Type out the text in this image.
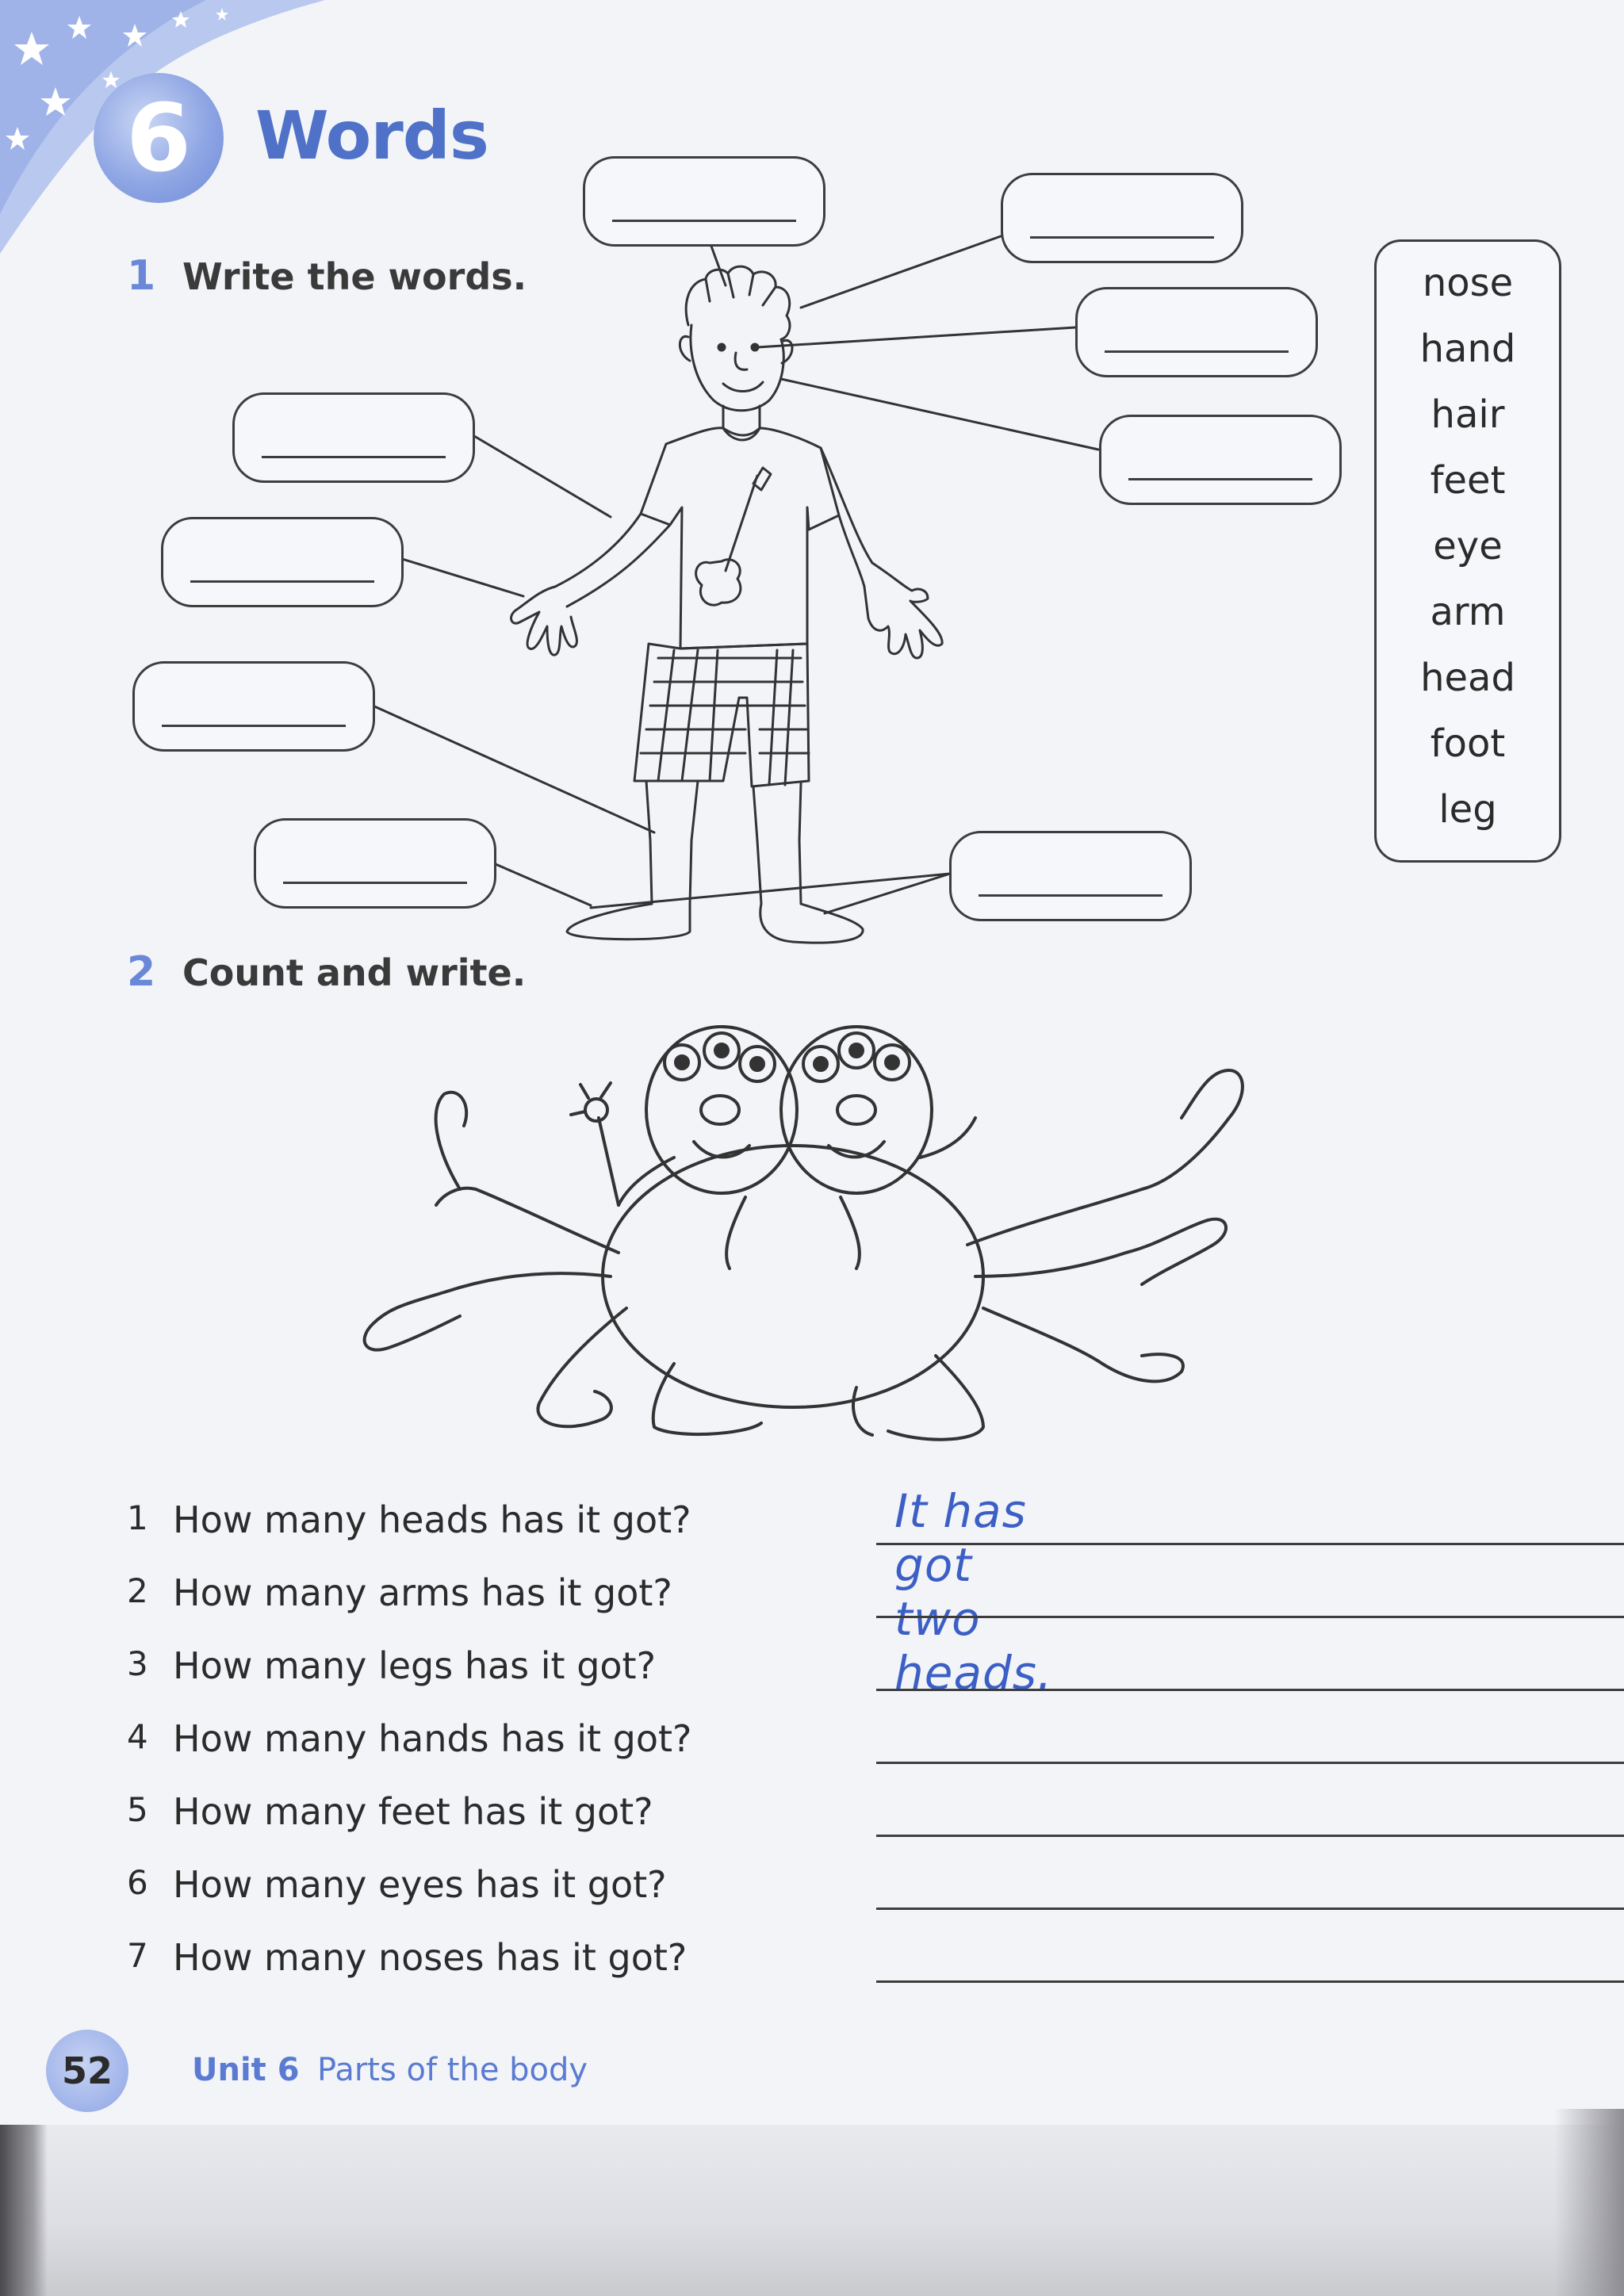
6 Words
1 Write the words.	nose
hand
hair
feet
eye
arm
head
foot
leg
2 Count and write.
1 How many heads has it got?	It has got two heads.
2 How many arms has it got?
3 How many legs has it got?
4 How many hands has it got?
5 How many feet has it got?
6 How many eyes has it got?
7 How many noses has it got?
52	Unit 6 Parts of the body
